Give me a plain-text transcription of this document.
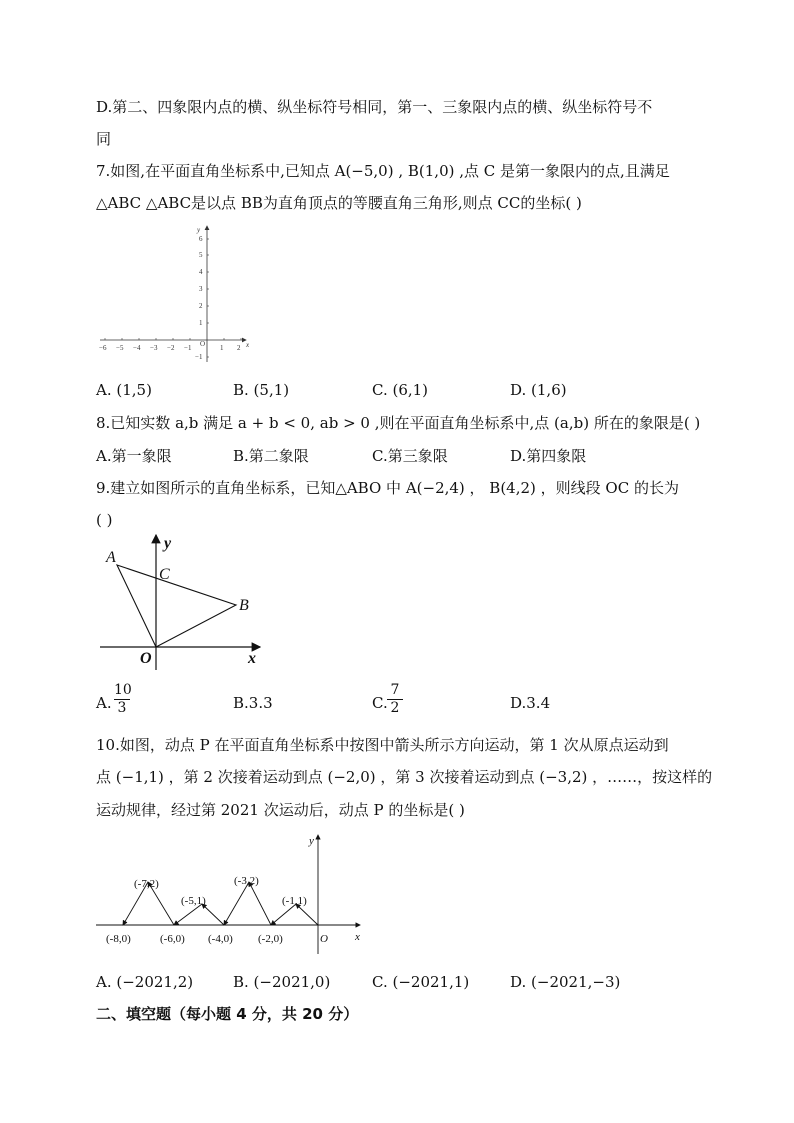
D.第二、四象限内点的横、纵坐标符号相同，第一、三象限内点的横、纵坐标符号不
同
7.如图,在平面直角坐标系中,已知点 A(−5,0) , B(1,0) ,点 C 是第一象限内的点,且满足
△ABC △ABC是以点 BB为直角顶点的等腰直角三角形,则点 CC的坐标( )
−6 −5 −4 −3 −2 −1 O 1 2 x
y
6
5
4
3
2
1
−1
A. (1,5)	B. (5,1)	C. (6,1)	D. (1,6)
8.已知实数 a,b 满足 a + b < 0, ab > 0 ,则在平面直角坐标系中,点 (a,b) 所在的象限是( )
A.第一象限	B.第二象限	C.第三象限	D.第四象限
9.建立如图所示的直角坐标系，已知△ABO 中 A(−2,4) ， B(4,2) ，则线段 OC 的长为
( )
A
B
C
O	x
y
A.
10
3	B.3.3	C.
7
2	D.3.4
10.如图，动点 P 在平面直角坐标系中按图中箭头所示方向运动，第 1 次从原点运动到
点 (−1,1) ，第 2 次接着运动到点 (−2,0) ，第 3 次接着运动到点 (−3,2) ，……，按这样的
运动规律，经过第 2021 次运动后，动点 P 的坐标是( )
(-7,2)
(-5,1)
(-3,2)
(-1,1)
(-8,0)	(-6,0) (-4,0) (-2,0)	O x
y
A. (−2021,2)	B. (−2021,0)	C. (−2021,1)	D. (−2021,−3)
二、填空题（每小题 4 分，共 20 分）
